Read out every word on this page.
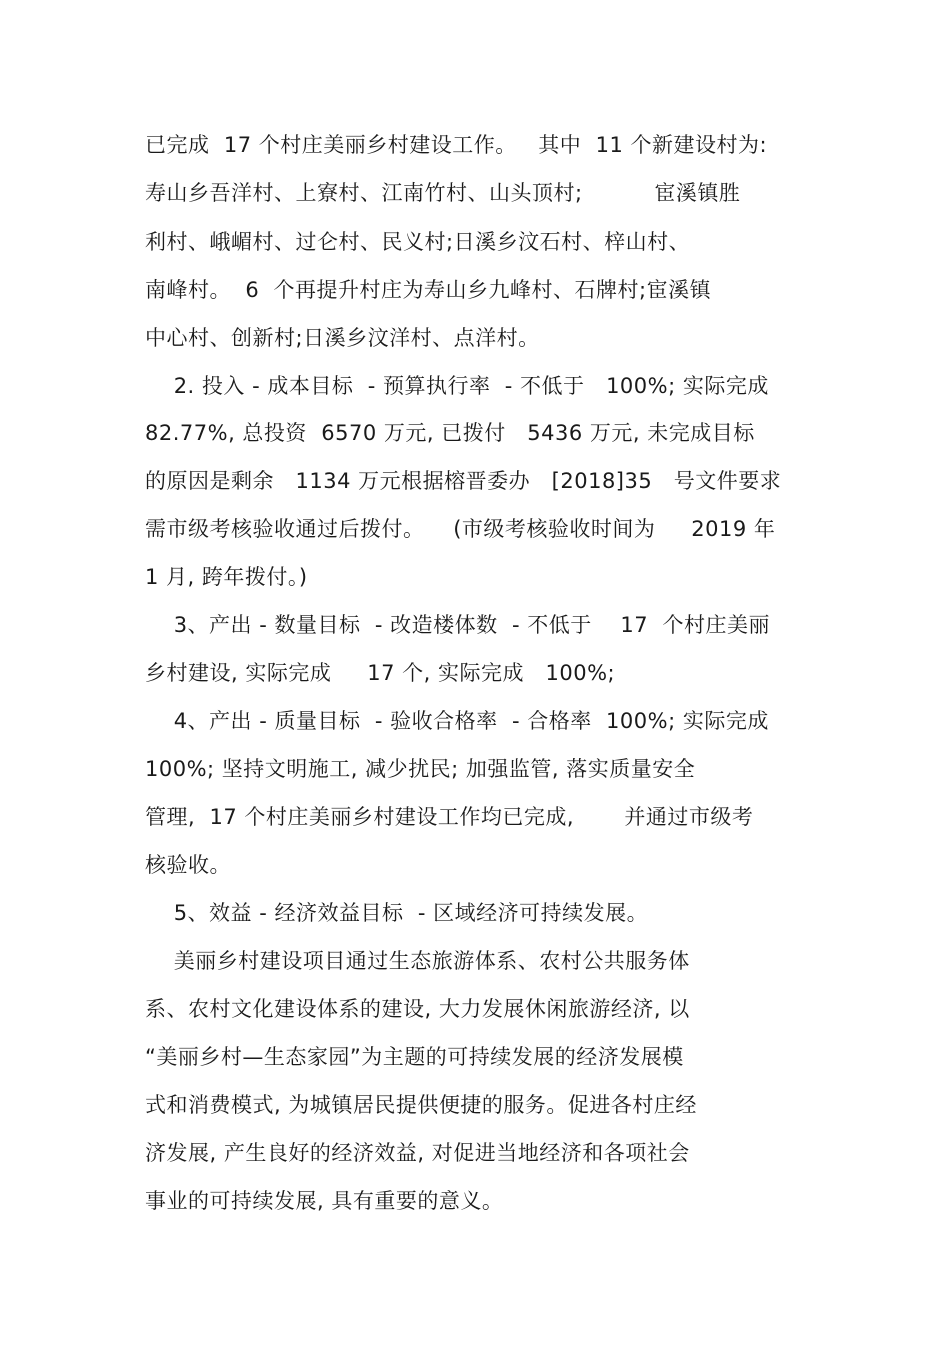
已完成  17 个村庄美丽乡村建设工作。   其中  11 个新建设村为:
寿山乡吾洋村、上寮村、江南竹村、山头顶村;          宦溪镇胜
利村、峨嵋村、过仑村、民义村;日溪乡汶石村、梓山村、
南峰村。  6  个再提升村庄为寿山乡九峰村、石牌村;宦溪镇
中心村、创新村;日溪乡汶洋村、点洋村。
2. 投入 - 成本目标  - 预算执行率  - 不低于   100%; 实际完成
82.77%, 总投资  6570 万元, 已拨付   5436 万元, 未完成目标
的原因是剩余   1134 万元根据榕晋委办   [2018]35   号文件要求
需市级考核验收通过后拨付。    (市级考核验收时间为     2019 年
1 月, 跨年拨付。)
3、产出 - 数量目标  - 改造楼体数  - 不低于    17  个村庄美丽
乡村建设, 实际完成     17 个, 实际完成   100%;
4、产出 - 质量目标  - 验收合格率  - 合格率  100%; 实际完成
100%; 坚持文明施工, 减少扰民; 加强监管, 落实质量安全
管理,  17 个村庄美丽乡村建设工作均已完成,       并通过市级考
核验收。
5、效益 - 经济效益目标  - 区域经济可持续发展。
美丽乡村建设项目通过生态旅游体系、农村公共服务体
系、农村文化建设体系的建设, 大力发展休闲旅游经济, 以
“美丽乡村—生态家园”为主题的可持续发展的经济发展模
式和消费模式, 为城镇居民提供便捷的服务。促进各村庄经
济发展, 产生良好的经济效益, 对促进当地经济和各项社会
事业的可持续发展, 具有重要的意义。
